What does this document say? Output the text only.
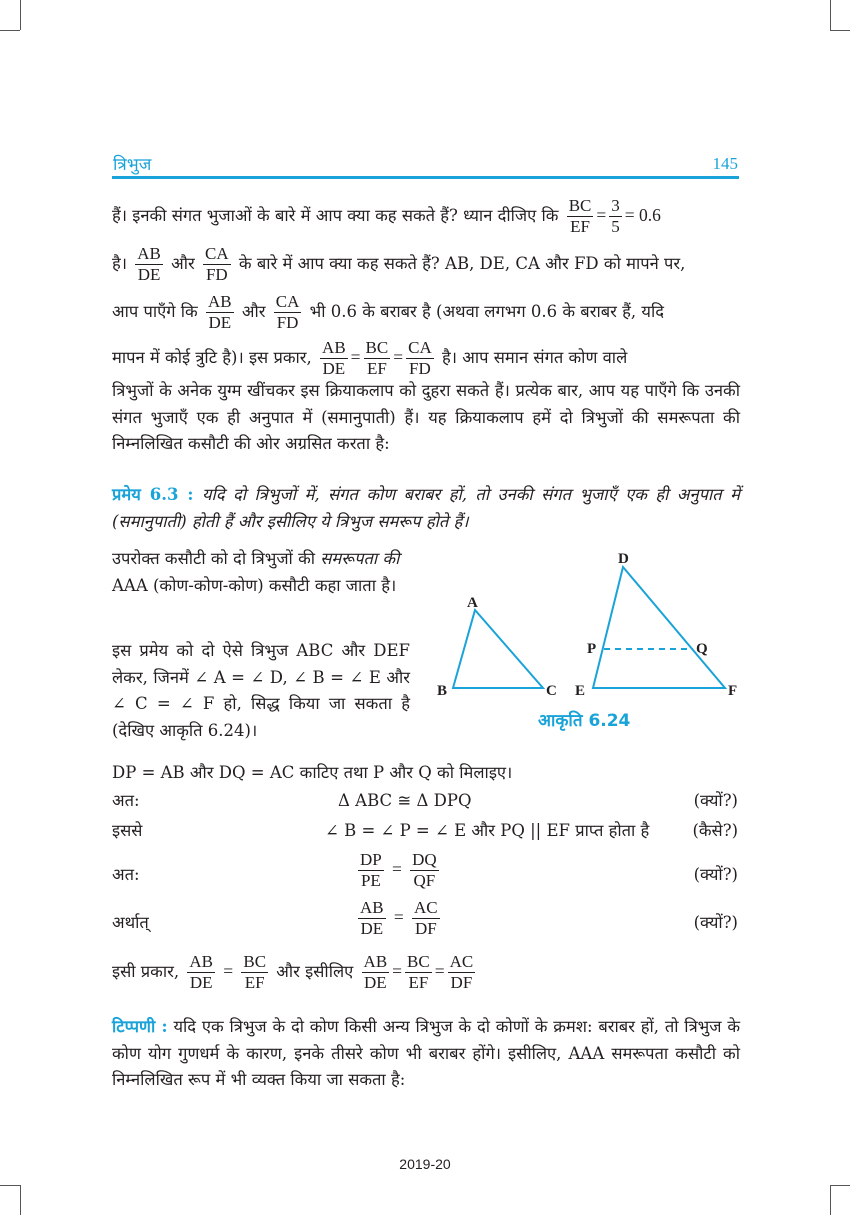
त्रिभुज	145
हैं। इनकी संगत भुजाओं के बारे में आप क्या कह सकते हैं? ध्यान दीजिए कि $\frac{BC}{EF} = \frac{3}{5} = 0.6$
है। $\frac{AB}{DE}$ और $\frac{CA}{FD}$ के बारे में आप क्या कह सकते हैं? AB, DE, CA और FD को मापने पर,
आप पाएँगे कि $\frac{AB}{DE}$ और $\frac{CA}{FD}$ भी 0.6 के बराबर है (अथवा लगभग 0.6 के बराबर हैं, यदि
मापन में कोई त्रुटि है)। इस प्रकार, $\frac{AB}{DE} = \frac{BC}{EF} = \frac{CA}{FD}$ है। आप समान संगत कोण वाले
त्रिभुजों के अनेक युग्म खींचकर इस क्रियाकलाप को दुहरा सकते हैं। प्रत्येक बार, आप यह पाएँगे कि उनकी संगत भुजाएँ एक ही अनुपात में (समानुपाती) हैं। यह क्रियाकलाप हमें दो त्रिभुजों की समरूपता की निम्नलिखित कसौटी की ओर अग्रसित करता है:
प्रमेय 6.3 : यदि दो त्रिभुजों में, संगत कोण बराबर हों, तो उनकी संगत भुजाएँ एक ही अनुपात में (समानुपाती) होती हैं और इसीलिए ये त्रिभुज समरूप होते हैं।
उपरोक्त कसौटी को दो त्रिभुजों की समरूपता की AAA (कोण-कोण-कोण) कसौटी कहा जाता है।
इस प्रमेय को दो ऐसे त्रिभुज ABC और DEF लेकर, जिनमें ∠ A = ∠ D, ∠ B = ∠ E और ∠ C = ∠ F हो, सिद्ध किया जा सकता है (देखिए आकृति 6.24)।
A
B	C
D
E	F
P	Q
आकृति 6.24
DP = AB और DQ = AC काटिए तथा P और Q को मिलाइए।
अत:	Δ ABC ≅ Δ DPQ	(क्यों?)
इससे	∠ B = ∠ P = ∠ E और PQ || EF प्राप्त होता है	(कैसे?)
अत:	$\frac{DP}{PE} = \frac{DQ}{QF}$	(क्यों?)
अर्थात्	$\frac{AB}{DE} = \frac{AC}{DF}$	(क्यों?)
इसी प्रकार, $\frac{AB}{DE} = \frac{BC}{EF}$ और इसीलिए $\frac{AB}{DE} = \frac{BC}{EF} = \frac{AC}{DF}$
टिप्पणी : यदि एक त्रिभुज के दो कोण किसी अन्य त्रिभुज के दो कोणों के क्रमश: बराबर हों, तो त्रिभुज के कोण योग गुणधर्म के कारण, इनके तीसरे कोण भी बराबर होंगे। इसीलिए, AAA समरूपता कसौटी को निम्नलिखित रूप में भी व्यक्त किया जा सकता है:
2019-20
